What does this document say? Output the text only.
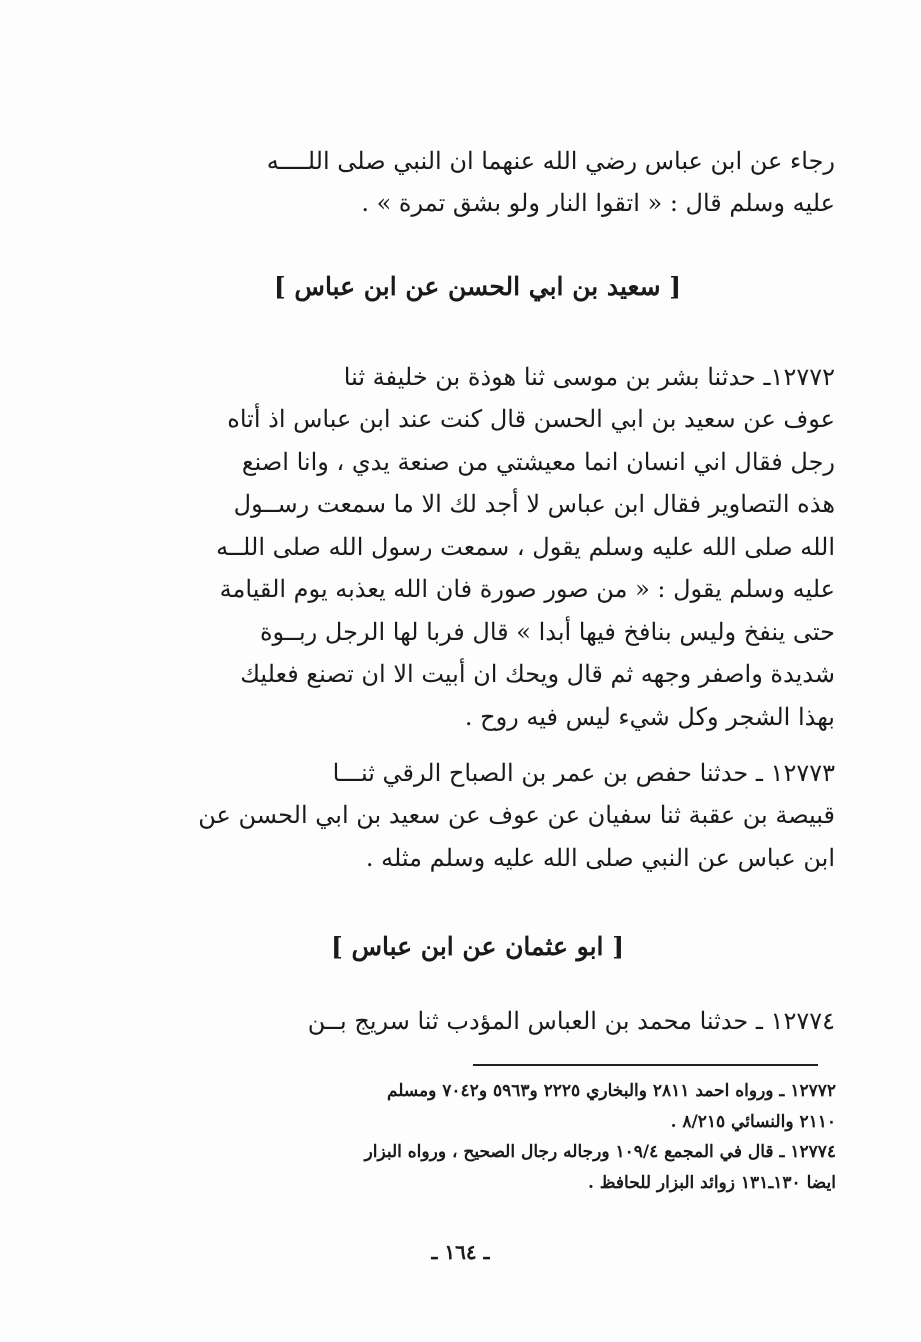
رجاء عن ابن عباس رضي الله عنهما ان النبي صلى اللــــه

عليه وسلم قال : « اتقوا النار ولو بشق تمرة » .

[ سعيد بن ابي الحسن عن ابن عباس ]

١٢٧٧٢ـ حدثنا بشر بن موسى ثنا هوذة بن خليفة ثنا

عوف عن سعيد بن ابي الحسن قال كنت عند ابن عباس اذ أتاه

رجل فقال اني انسان انما معيشتي من صنعة يدي ، وانا اصنع

هذه التصاوير فقال ابن عباس لا أجد لك الا ما سمعت رســول

الله صلى الله عليه وسلم يقول ، سمعت رسول الله صلى اللــه

عليه وسلم يقول : « من صور صورة فان الله يعذبه يوم القيامة

حتى ينفخ وليس بنافخ فيها أبدا » قال فربا لها الرجل ربــوة

شديدة واصفر وجهه ثم قال ويحك ان أبيت الا ان تصنع فعليك

بهذا الشجر وكل شيء ليس فيه روح .

١٢٧٧٣ ـ حدثنا حفص بن عمر بن الصباح الرقي ثنـــا

قبيصة بن عقبة ثنا سفيان عن عوف عن سعيد بن ابي الحسن عن

ابن عباس عن النبي صلى الله عليه وسلم مثله .

[ ابو عثمان عن ابن عباس ]

١٢٧٧٤ ـ حدثنا محمد بن العباس المؤدب ثنا سريج بــن

١٢٧٧٢ ـ ورواه احمد ٢٨١١ والبخاري ٢٢٢٥ و٥٩٦٣ و٧٠٤٢ ومسلم

٢١١٠ والنسائي ٨/٢١٥ .

١٢٧٧٤ ـ قال في المجمع ١٠٩/٤ ورجاله رجال الصحيح ، ورواه البزار

ايضا ١٣٠ـ١٣١ زوائد البزار للحافظ .

ـ ١٦٤ ـ
